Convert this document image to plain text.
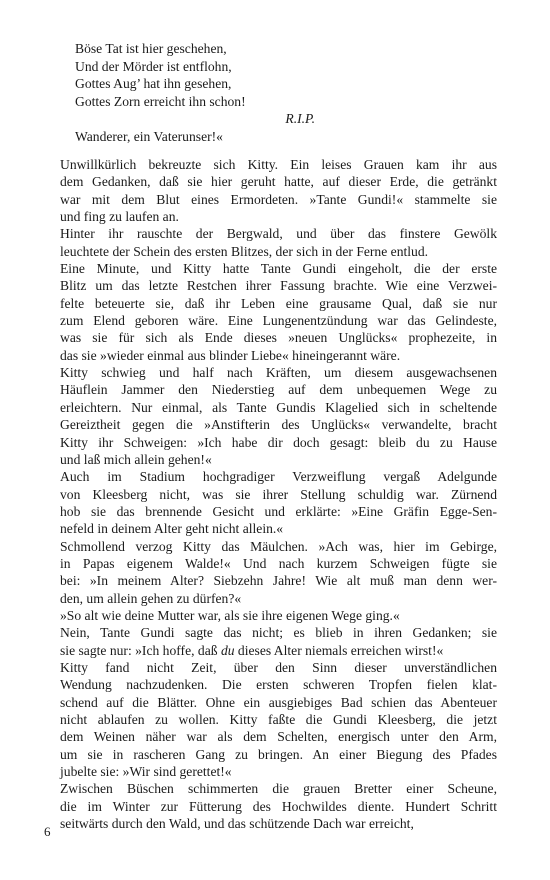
Böse Tat ist hier geschehen,
Und der Mörder ist entflohn,
Gottes Aug’ hat ihn gesehen,
Gottes Zorn erreicht ihn schon!
R.I.P.
Wanderer, ein Vaterunser!«
Unwillkürlich bekreuzte sich Kitty. Ein leises Grauen kam ihr aus
dem Gedanken, daß sie hier geruht hatte, auf dieser Erde, die getränkt
war mit dem Blut eines Ermordeten. »Tante Gundi!« stammelte sie
und fing zu laufen an.
Hinter ihr rauschte der Bergwald, und über das finstere Gewölk
leuchtete der Schein des ersten Blitzes, der sich in der Ferne entlud.
Eine Minute, und Kitty hatte Tante Gundi eingeholt, die der erste
Blitz um das letzte Restchen ihrer Fassung brachte. Wie eine Verzwei-
felte beteuerte sie, daß ihr Leben eine grausame Qual, daß sie nur
zum Elend geboren wäre. Eine Lungenentzündung war das Gelindeste,
was sie für sich als Ende dieses »neuen Unglücks« prophezeite, in
das sie »wieder einmal aus blinder Liebe« hineingerannt wäre.
Kitty schwieg und half nach Kräften, um diesem ausgewachsenen
Häuflein Jammer den Niederstieg auf dem unbequemen Wege zu
erleichtern. Nur einmal, als Tante Gundis Klagelied sich in scheltende
Gereiztheit gegen die »Anstifterin des Unglücks« verwandelte, bracht
Kitty ihr Schweigen: »Ich habe dir doch gesagt: bleib du zu Hause
und laß mich allein gehen!«
Auch im Stadium hochgradiger Verzweiflung vergaß Adelgunde
von Kleesberg nicht, was sie ihrer Stellung schuldig war. Zürnend
hob sie das brennende Gesicht und erklärte: »Eine Gräfin Egge-Sen-
nefeld in deinem Alter geht nicht allein.«
Schmollend verzog Kitty das Mäulchen. »Ach was, hier im Gebirge,
in Papas eigenem Walde!« Und nach kurzem Schweigen fügte sie
bei: »In meinem Alter? Siebzehn Jahre! Wie alt muß man denn wer-
den, um allein gehen zu dürfen?«
»So alt wie deine Mutter war, als sie ihre eigenen Wege ging.«
Nein, Tante Gundi sagte das nicht; es blieb in ihren Gedanken; sie
sie sagte nur: »Ich hoffe, daß du dieses Alter niemals erreichen wirst!«
Kitty fand nicht Zeit, über den Sinn dieser unverständlichen
Wendung nachzudenken. Die ersten schweren Tropfen fielen klat-
schend auf die Blätter. Ohne ein ausgiebiges Bad schien das Abenteuer
nicht ablaufen zu wollen. Kitty faßte die Gundi Kleesberg, die jetzt
dem Weinen näher war als dem Schelten, energisch unter den Arm,
um sie in rascheren Gang zu bringen. An einer Biegung des Pfades
jubelte sie: »Wir sind gerettet!«
Zwischen Büschen schimmerten die grauen Bretter einer Scheune,
die im Winter zur Fütterung des Hochwildes diente. Hundert Schritt
seitwärts durch den Wald, und das schützende Dach war erreicht,
6
